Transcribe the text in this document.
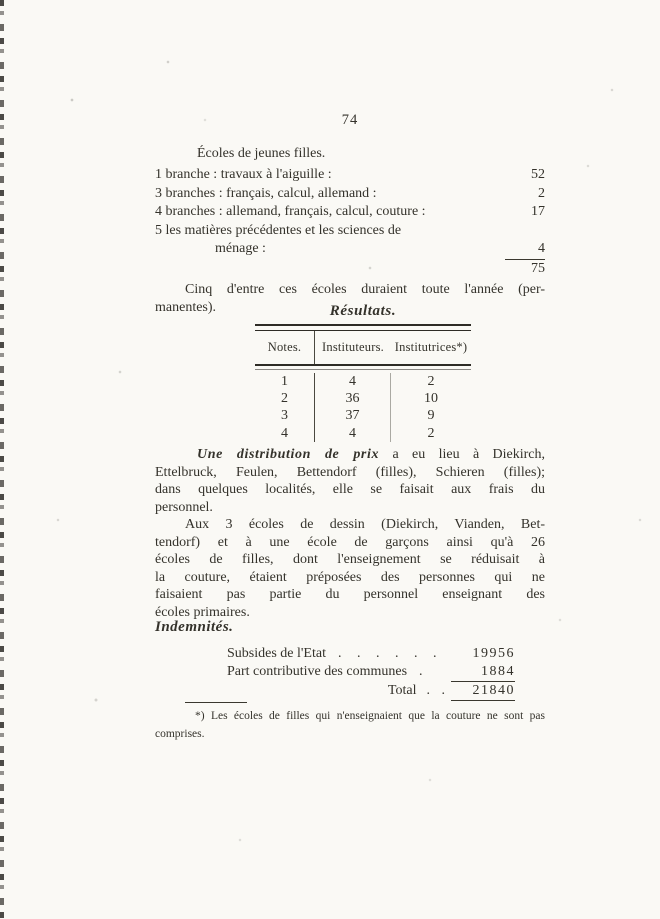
74
Écoles de jeunes filles.
1 branche : travaux à l'aiguille :	52
3 branches : français, calcul, allemand :	2
4 branches : allemand, français, calcul, couture :	17
5 les matières précédentes et les sciences de
ménage :	4
75
Cinq d'entre ces écoles duraient toute l'année (per-
manentes).	Résultats.
Notes.	Instituteurs. Institutrices*)
1	4	2
2	36	10
3	37	9
4	4	2
Une distribution de prix a eu lieu à Diekirch,
Ettelbruck, Feulen, Bettendorf (filles), Schieren (filles);
dans quelques localités, elle se faisait aux frais du
personnel.
Aux 3 écoles de dessin (Diekirch, Vianden, Bet-
tendorf) et à une école de garçons ainsi qu'à 26
écoles de filles, dont l'enseignement se réduisait à
la couture, étaient préposées des personnes qui ne
faisaient pas partie du personnel enseignant des
écoles primaires.
Indemnités.
Subsides de l'Etat . . . . . .	19956
Part contributive des communes .	1884
Total . .	21840
*) Les écoles de filles qui n'enseignaient que la couture ne sont pas
comprises.
